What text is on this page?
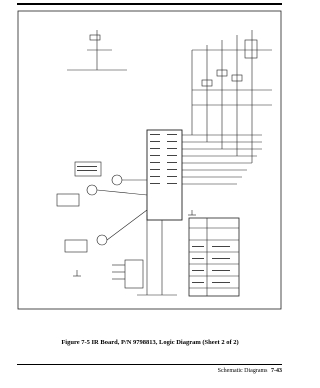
Figure 7-5 IR Board, P/N 9798813, Logic Diagram (Sheet 2 of 2)
Schematic Diagrams 7-43
